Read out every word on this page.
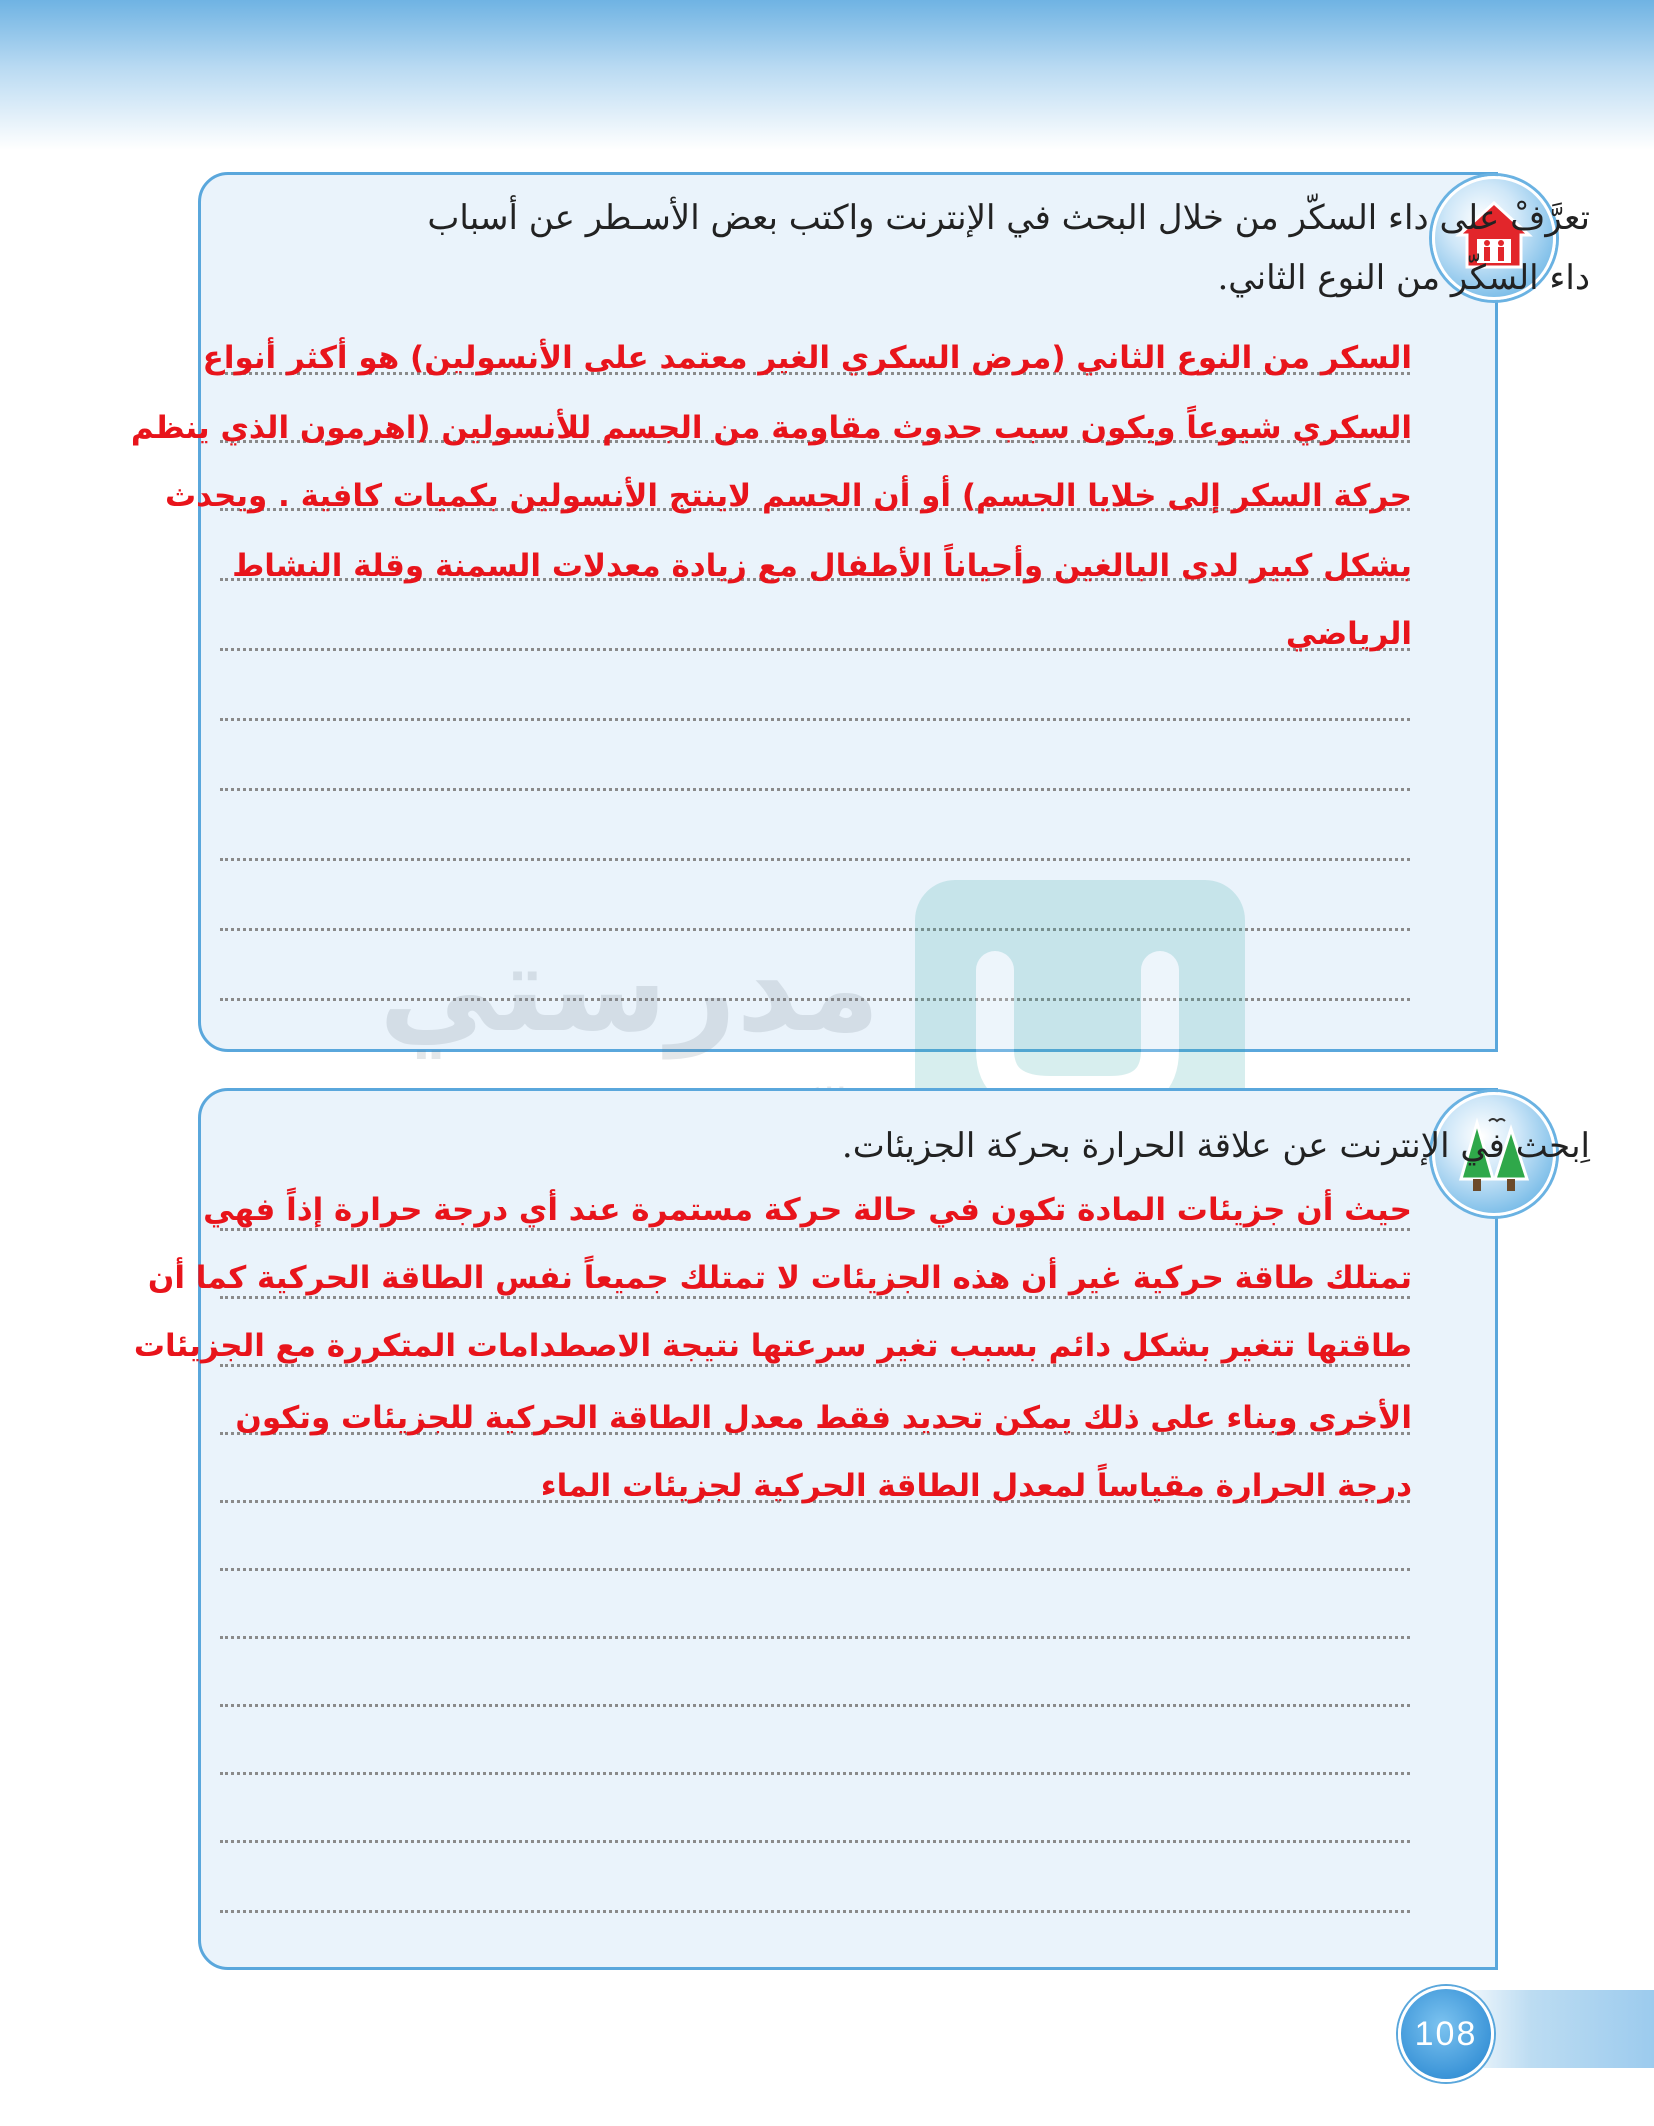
تعرَّفْ على داء السكّر من خلال البحث في الإنترنت واكتب بعض الأسـطر عن أسباب داء السكّر من النوع الثاني.
السكر من النوع الثاني (مرض السكري الغير معتمد على الأنسولين) هو أكثر أنواع
السكري شيوعاً ويكون سبب حدوث مقاومة من الجسم للأنسولين (اهرمون الذي ينظم
حركة السكر إلى خلايا الجسم) أو أن الجسم لاينتج الأنسولين بكميات كافية . ويحدث
بشكل كبير لدى البالغين وأحياناً الأطفال مع زيادة معدلات السمنة وقلة النشاط
الرياضي
مدرستي
اِبحث في الإنترنت عن علاقة الحرارة بحركة الجزيئات.
حيث أن جزيئات المادة تكون في حالة حركة مستمرة عند أي درجة حرارة إذاً فهي
تمتلك طاقة حركية غير أن هذه الجزيئات لا تمتلك جميعاً نفس الطاقة الحركية كما أن
طاقتها تتغير بشكل دائم بسبب تغير سرعتها نتيجة الاصطدامات المتكررة مع الجزيئات
الأخرى وبناء على ذلك يمكن تحديد فقط معدل الطاقة الحركية للجزيئات وتكون
درجة الحرارة مقياساً لمعدل الطاقة الحركية لجزيئات الماء
108
